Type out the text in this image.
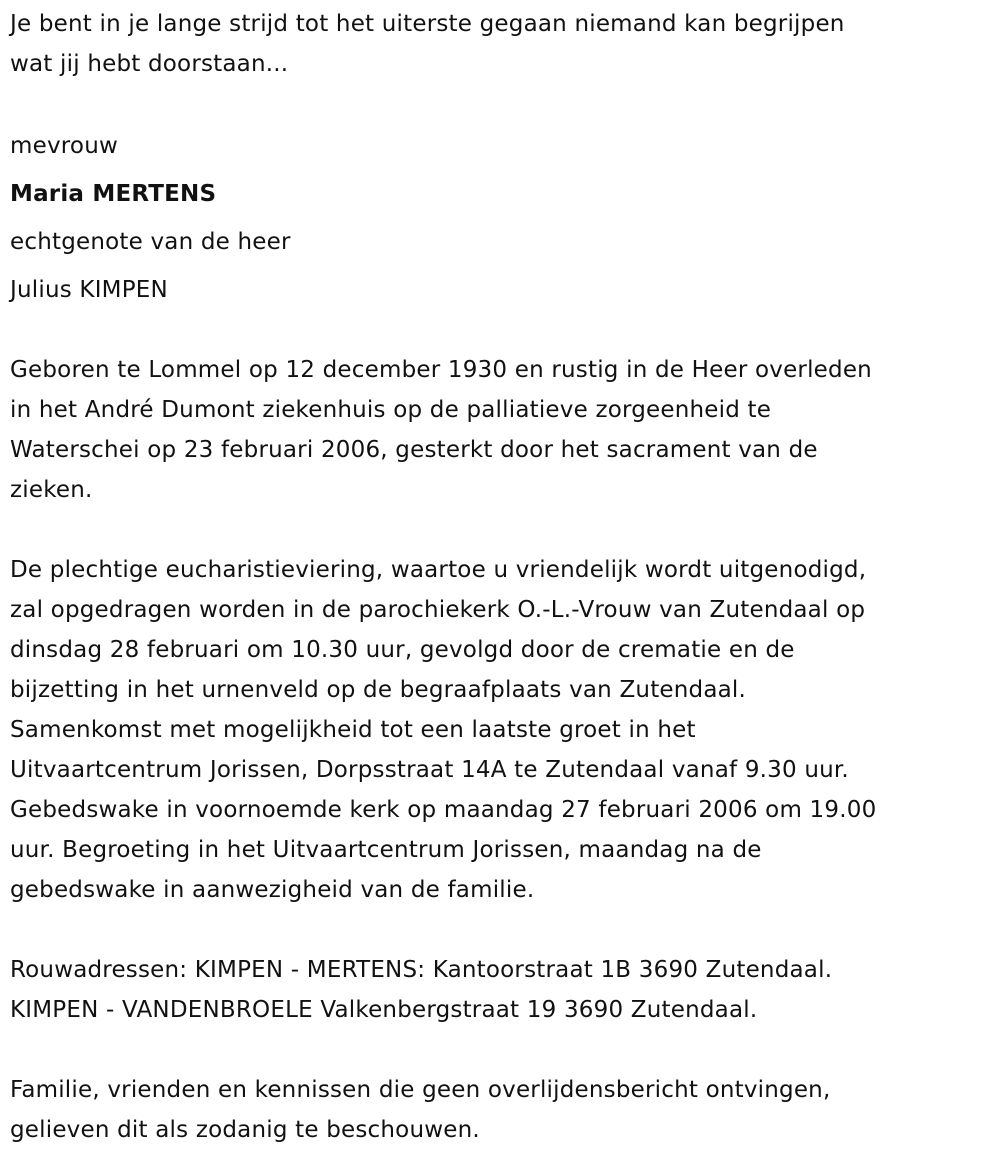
Je bent in je lange strijd tot het uiterste gegaan niemand kan begrijpen
wat jij hebt doorstaan...

mevrouw

Maria MERTENS

echtgenote van de heer

Julius KIMPEN

Geboren te Lommel op 12 december 1930 en rustig in de Heer overleden
in het André Dumont ziekenhuis op de palliatieve zorgeenheid te
Waterschei op 23 februari 2006, gesterkt door het sacrament van de
zieken.

De plechtige eucharistieviering, waartoe u vriendelijk wordt uitgenodigd,
zal opgedragen worden in de parochiekerk O.-L.-Vrouw van Zutendaal op
dinsdag 28 februari om 10.30 uur, gevolgd door de crematie en de
bijzetting in het urnenveld op de begraafplaats van Zutendaal.
Samenkomst met mogelijkheid tot een laatste groet in het
Uitvaartcentrum Jorissen, Dorpsstraat 14A te Zutendaal vanaf 9.30 uur.
Gebedswake in voornoemde kerk op maandag 27 februari 2006 om 19.00
uur. Begroeting in het Uitvaartcentrum Jorissen, maandag na de
gebedswake in aanwezigheid van de familie.

Rouwadressen: KIMPEN - MERTENS: Kantoorstraat 1B 3690 Zutendaal.
KIMPEN - VANDENBROELE Valkenbergstraat 19 3690 Zutendaal.

Familie, vrienden en kennissen die geen overlijdensbericht ontvingen,
gelieven dit als zodanig te beschouwen.
